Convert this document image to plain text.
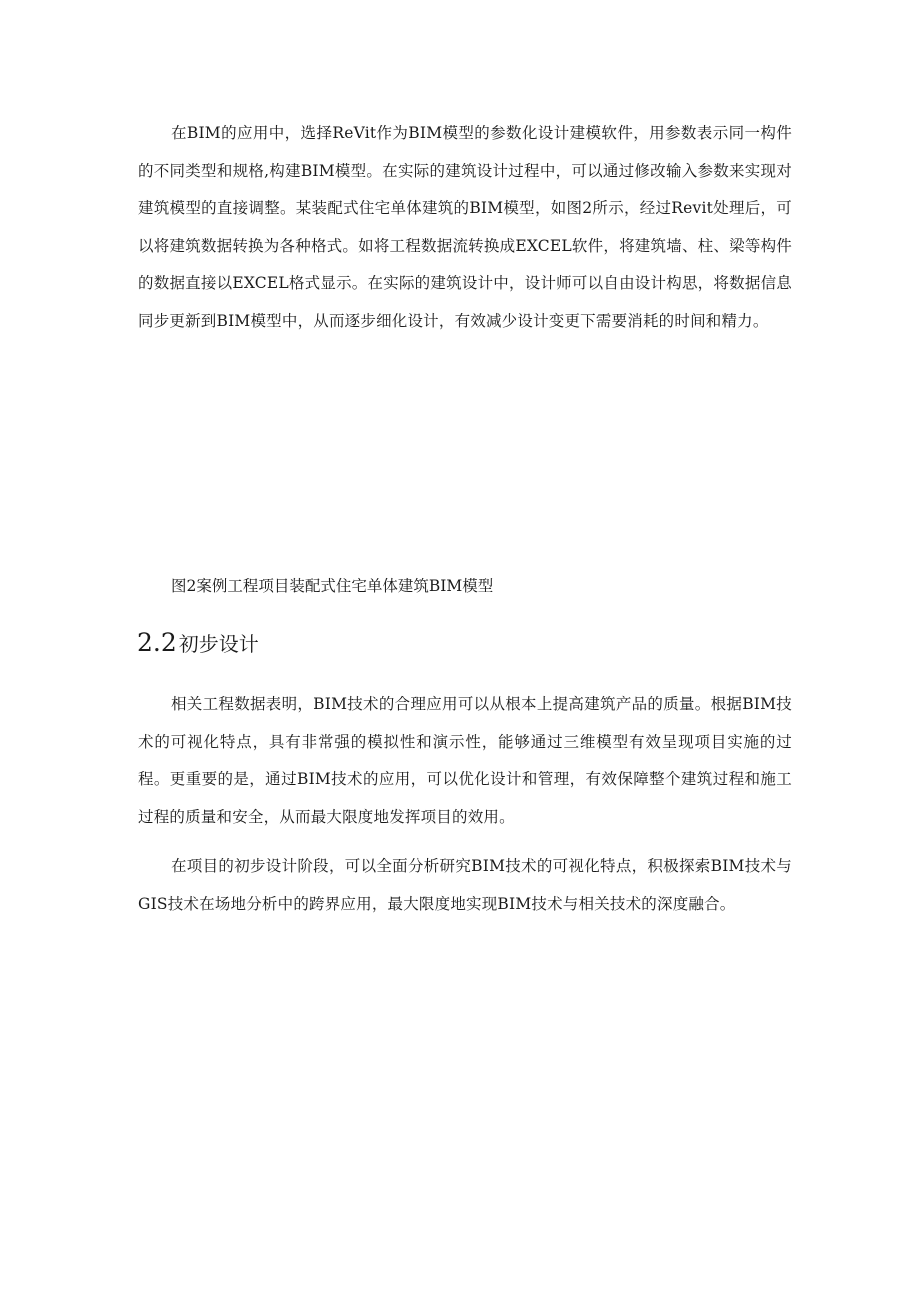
在BIM的应用中，选择ReVit作为BIM模型的参数化设计建模软件，用参数表示同一构件的不同类型和规格,构建BIM模型。在实际的建筑设计过程中，可以通过修改输入参数来实现对建筑模型的直接调整。某装配式住宅单体建筑的BIM模型，如图2所示，经过Revit处理后，可以将建筑数据转换为各种格式。如将工程数据流转换成EXCEL软件，将建筑墙、柱、梁等构件的数据直接以EXCEL格式显示。在实际的建筑设计中，设计师可以自由设计构思，将数据信息同步更新到BIM模型中，从而逐步细化设计，有效减少设计变更下需要消耗的时间和精力。

图2案例工程项目装配式住宅单体建筑BIM模型

2.2 初步设计

相关工程数据表明，BIM技术的合理应用可以从根本上提高建筑产品的质量。根据BIM技术的可视化特点，具有非常强的模拟性和演示性，能够通过三维模型有效呈现项目实施的过程。更重要的是，通过BIM技术的应用，可以优化设计和管理，有效保障整个建筑过程和施工过程的质量和安全，从而最大限度地发挥项目的效用。

在项目的初步设计阶段，可以全面分析研究BIM技术的可视化特点，积极探索BIM技术与GIS技术在场地分析中的跨界应用，最大限度地实现BIM技术与相关技术的深度融合。
